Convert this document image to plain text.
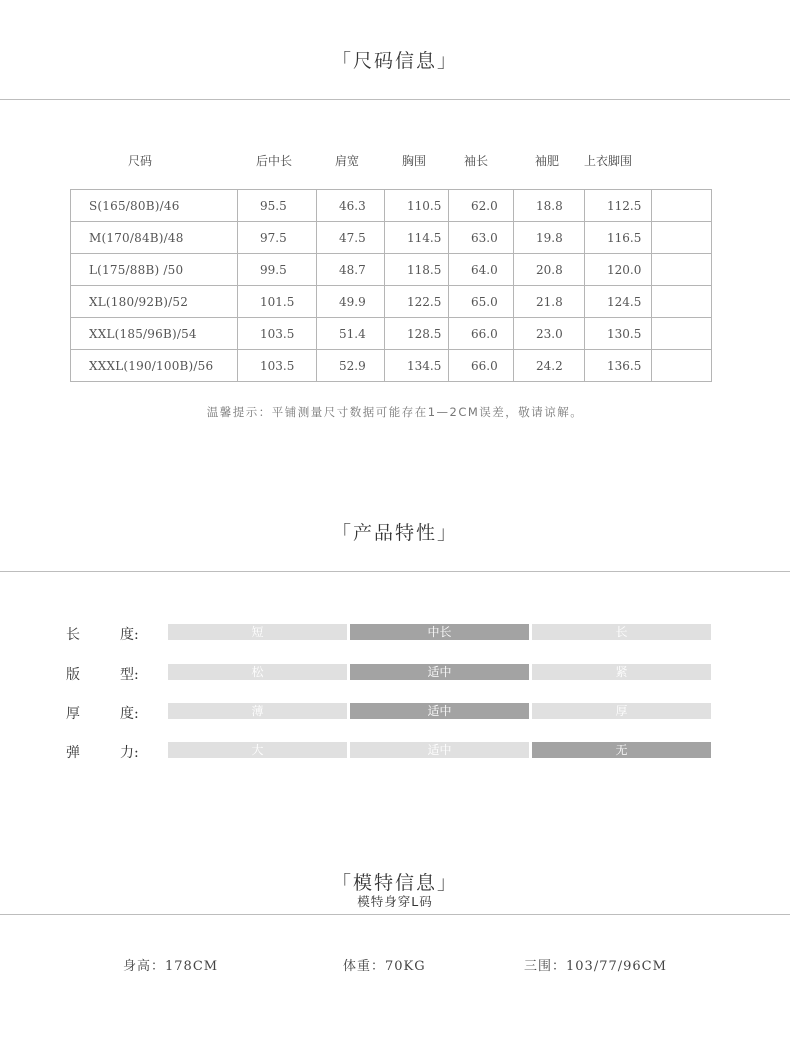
「尺码信息」
尺码	后中长	肩宽	胸围	袖长	袖肥 上衣脚围
S(165/80B)/46	95.5	46.3	110.5	62.0	18.8	112.5	
M(170/84B)/48	97.5	47.5	114.5	63.0	19.8	116.5	
L(175/88B) /50	99.5	48.7	118.5	64.0	20.8	120.0	
XL(180/92B)/52	101.5	49.9	122.5	65.0	21.8	124.5	
XXL(185/96B)/54	103.5	51.4	128.5	66.0	23.0	130.5	
XXXL(190/100B)/56	103.5	52.9	134.5	66.0	24.2	136.5	
温馨提示：平铺测量尺寸数据可能存在1—2CM误差，敬请谅解。
「产品特性」
长	度:	短	中长	长
版	型:	松	适中	紧
厚	度:	薄	适中	厚
弹	力:	大	适中	无
「模特信息」
模特身穿L码
身高：178CM	体重：70KG	三围：103/77/96CM
